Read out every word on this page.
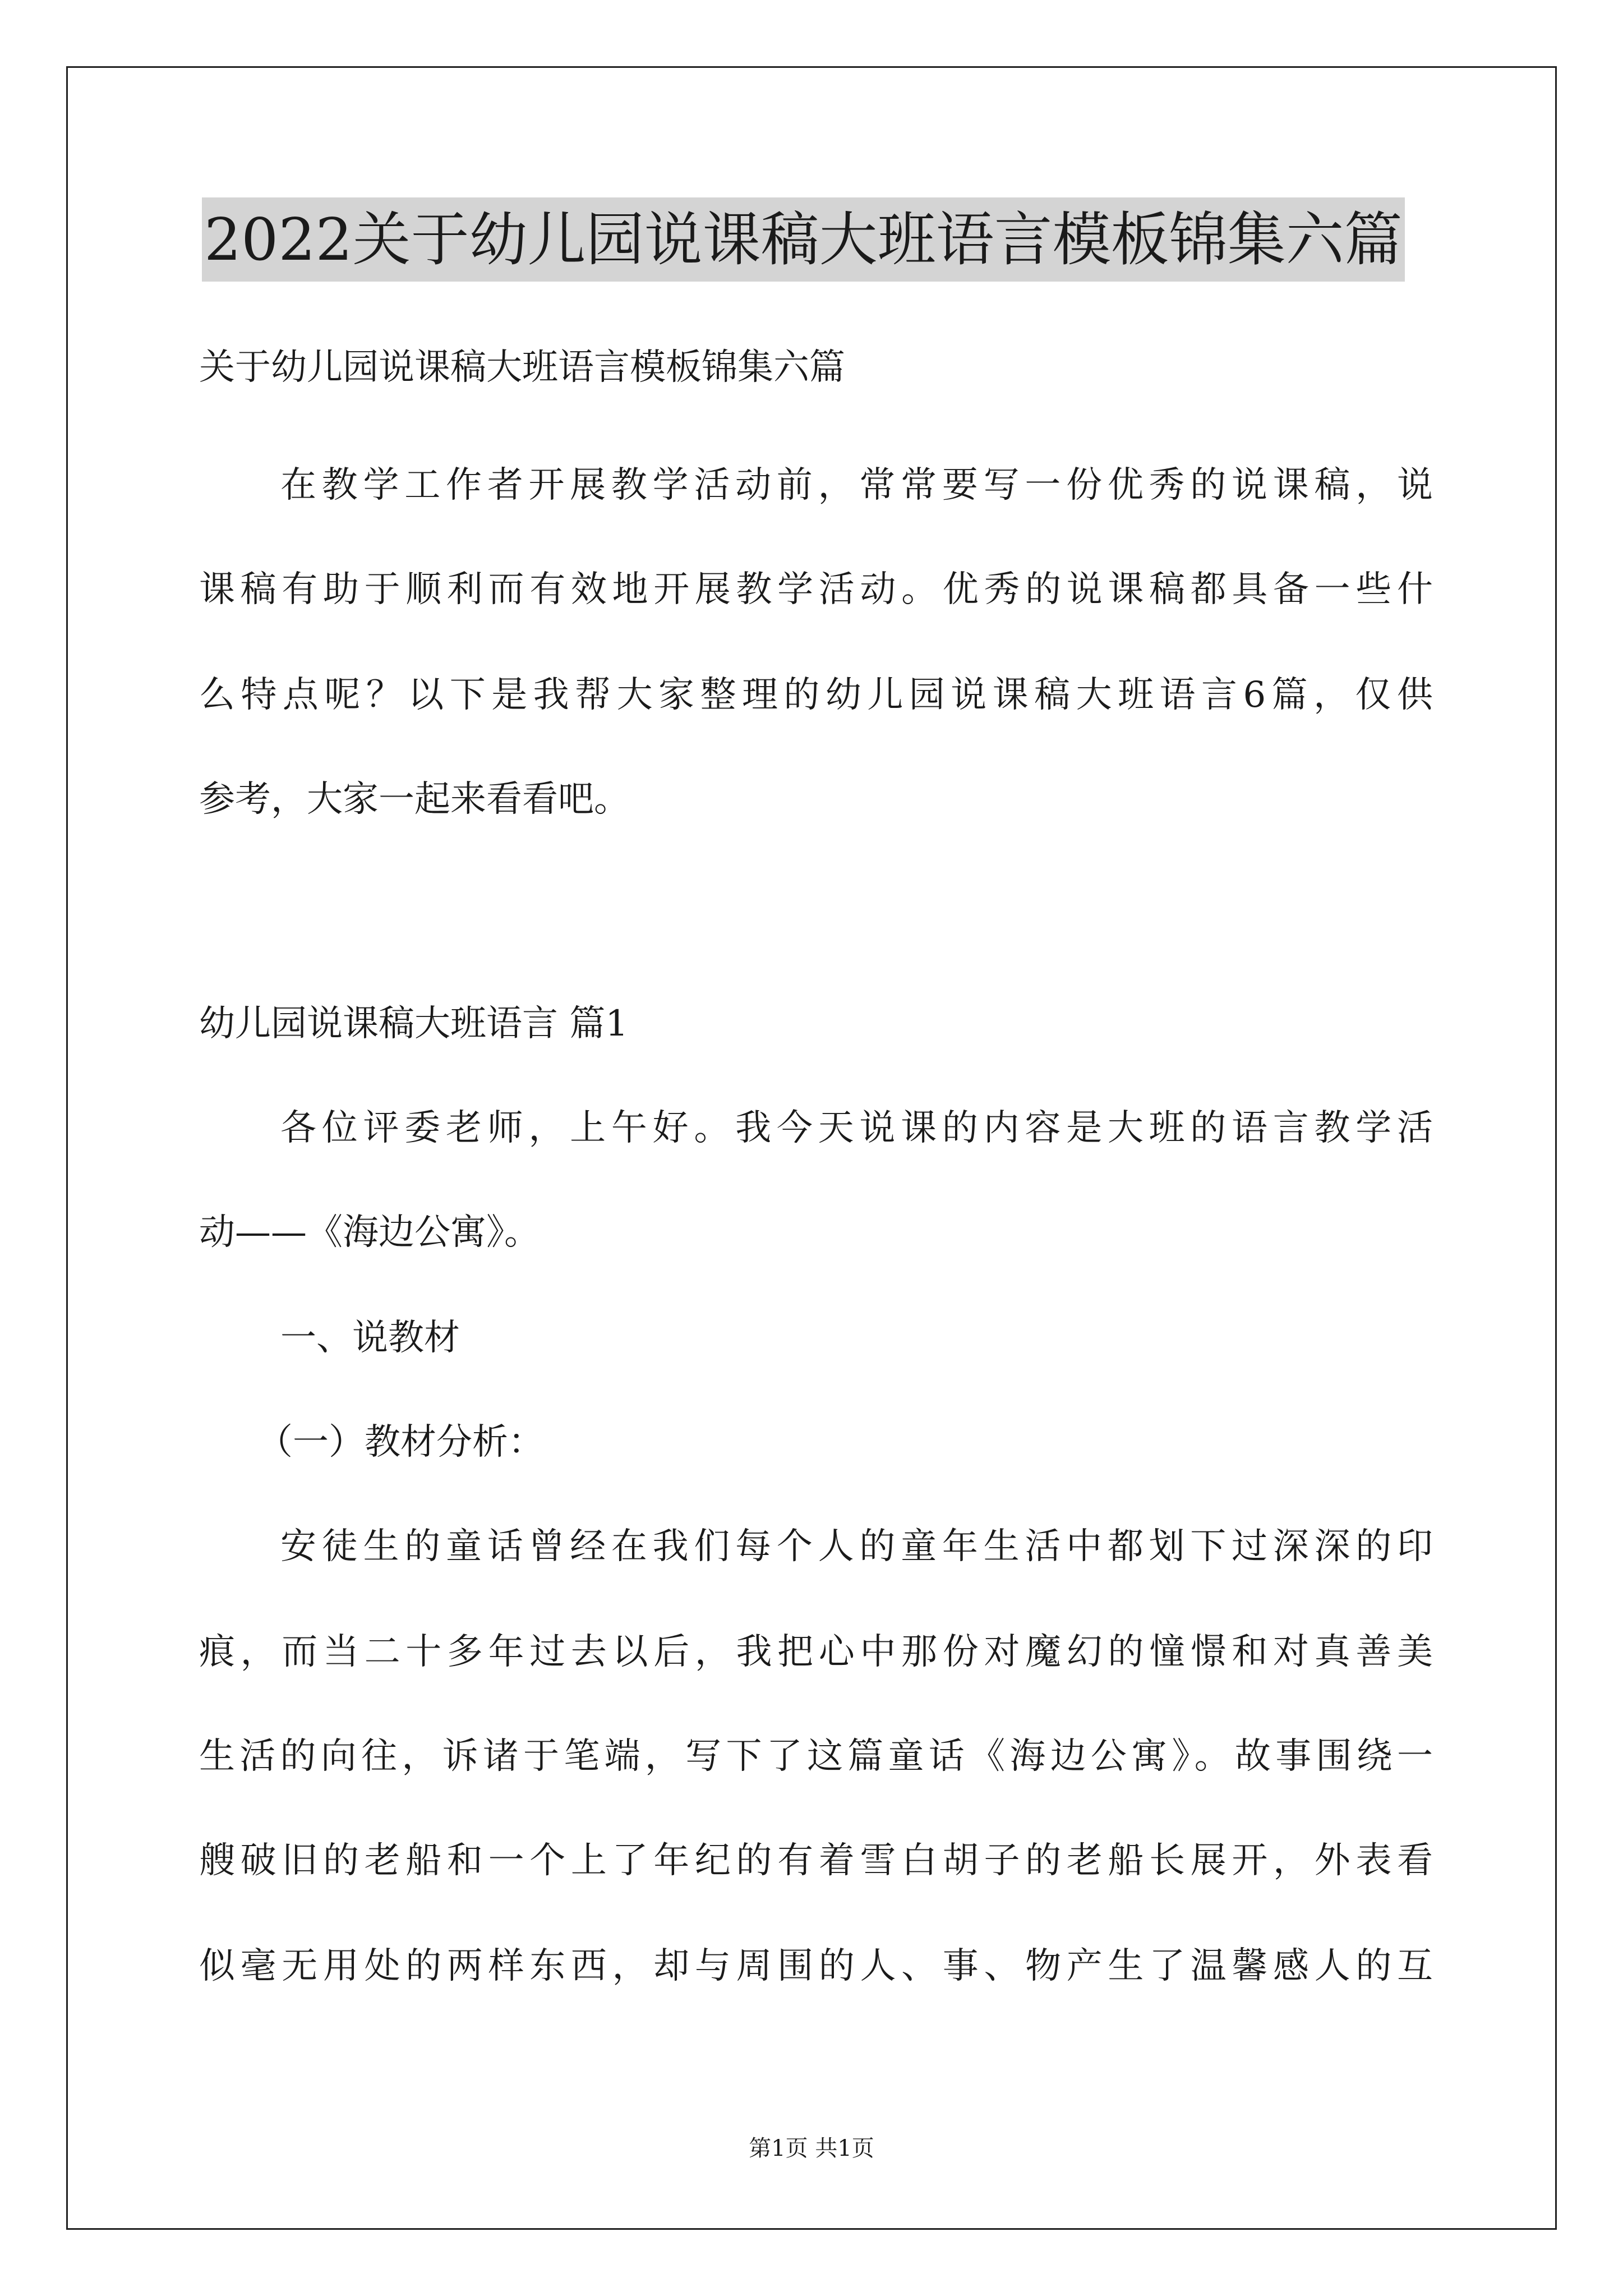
2022关于幼儿园说课稿大班语言模板锦集六篇
关于幼儿园说课稿大班语言模板锦集六篇
在教学工作者开展教学活动前，常常要写一份优秀的说课稿，说
课稿有助于顺利而有效地开展教学活动。优秀的说课稿都具备一些什
么特点呢？以下是我帮大家整理的幼儿园说课稿大班语言6篇，仅供
参考，大家一起来看看吧。
幼儿园说课稿大班语言 篇1
各位评委老师，上午好。我今天说课的内容是大班的语言教学活
动——《海边公寓》。
一、说教材
（一）教材分析：
安徒生的童话曾经在我们每个人的童年生活中都划下过深深的印
痕，而当二十多年过去以后，我把心中那份对魔幻的憧憬和对真善美
生活的向往，诉诸于笔端，写下了这篇童话《海边公寓》。故事围绕一
艘破旧的老船和一个上了年纪的有着雪白胡子的老船长展开，外表看
似毫无用处的两样东西，却与周围的人、事、物产生了温馨感人的互
第1页 共1页
